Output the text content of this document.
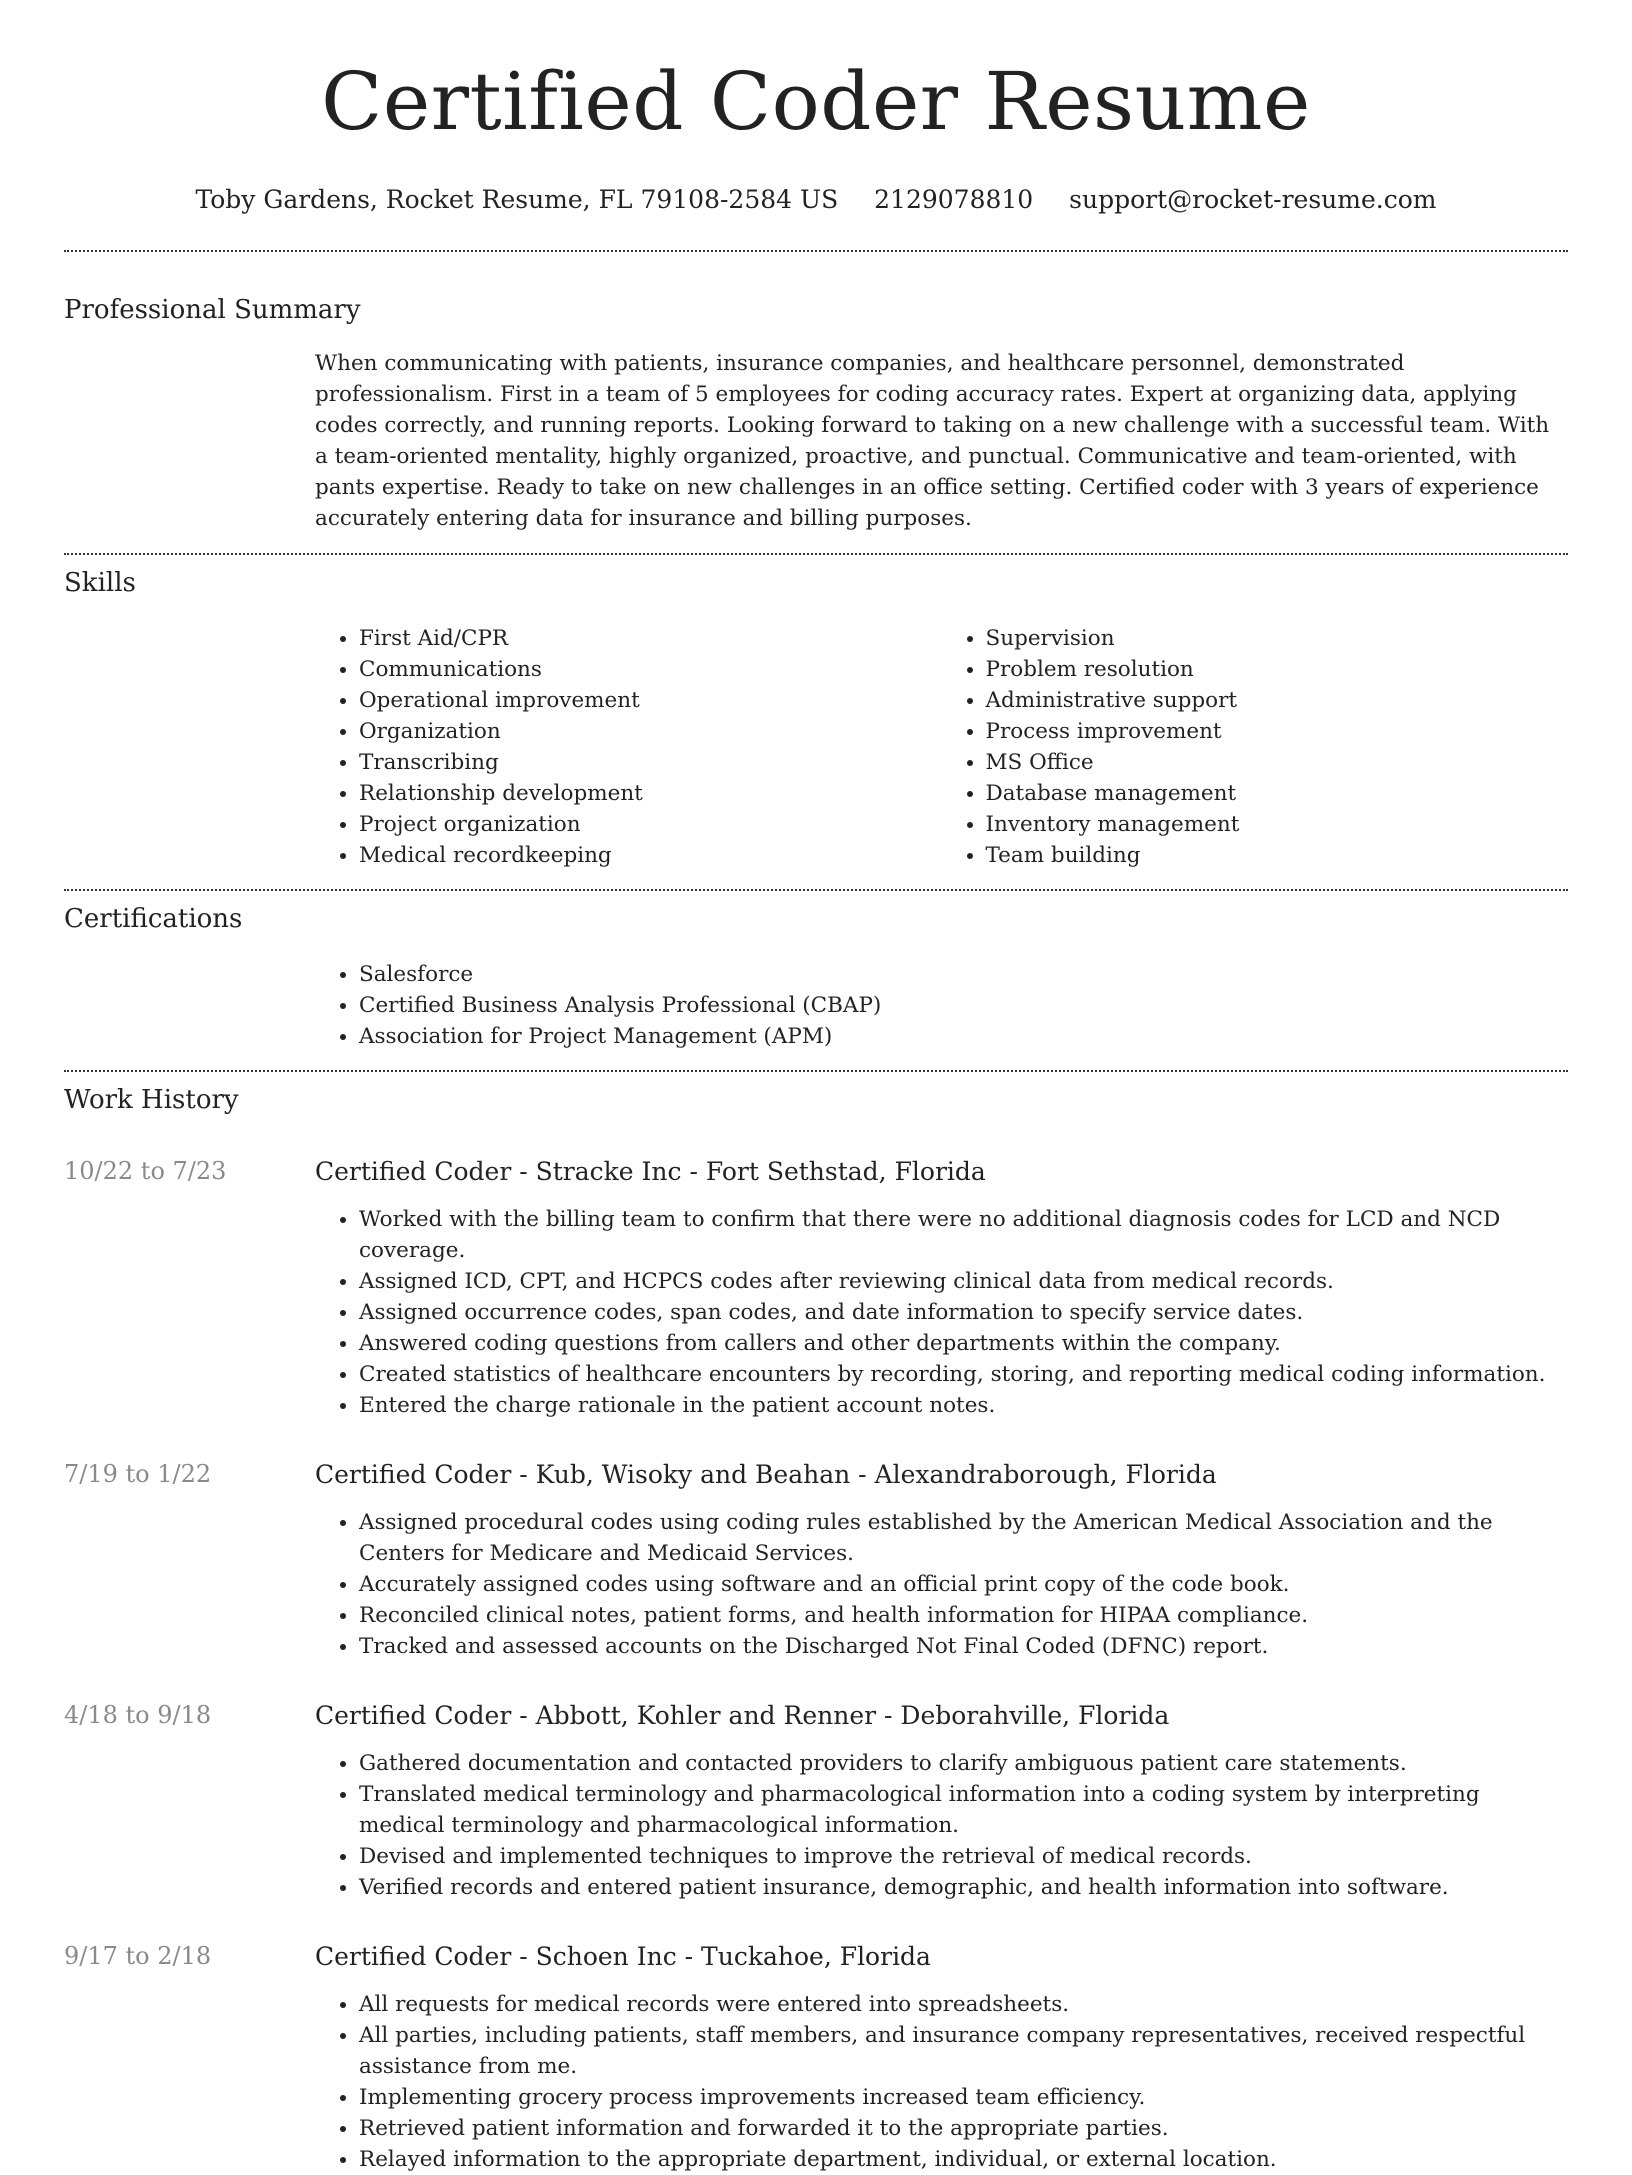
Certified Coder Resume
Toby Gardens, Rocket Resume, FL 79108-2584 US 2129078810 support@rocket-resume.com
Professional Summary
When communicating with patients, insurance companies, and healthcare personnel, demonstrated professionalism. First in a team of 5 employees for coding accuracy rates. Expert at organizing data, applying codes correctly, and running reports. Looking forward to taking on a new challenge with a successful team. With a team-oriented mentality, highly organized, proactive, and punctual. Communicative and team-oriented, with pants expertise. Ready to take on new challenges in an office setting. Certified coder with 3 years of experience accurately entering data for insurance and billing purposes.
Skills
• First Aid/CPR
• Communications
• Operational improvement
• Organization
• Transcribing
• Relationship development
• Project organization
• Medical recordkeeping
• Supervision
• Problem resolution
• Administrative support
• Process improvement
• MS Office
• Database management
• Inventory management
• Team building
Certifications
• Salesforce
• Certified Business Analysis Professional (CBAP)
• Association for Project Management (APM)
Work History
10/22 to 7/23	Certified Coder - Stracke Inc - Fort Sethstad, Florida
• Worked with the billing team to confirm that there were no additional diagnosis codes for LCD and NCD coverage.
• Assigned ICD, CPT, and HCPCS codes after reviewing clinical data from medical records.
• Assigned occurrence codes, span codes, and date information to specify service dates.
• Answered coding questions from callers and other departments within the company.
• Created statistics of healthcare encounters by recording, storing, and reporting medical coding information.
• Entered the charge rationale in the patient account notes.
7/19 to 1/22	Certified Coder - Kub, Wisoky and Beahan - Alexandraborough, Florida
• Assigned procedural codes using coding rules established by the American Medical Association and the Centers for Medicare and Medicaid Services.
• Accurately assigned codes using software and an official print copy of the code book.
• Reconciled clinical notes, patient forms, and health information for HIPAA compliance.
• Tracked and assessed accounts on the Discharged Not Final Coded (DFNC) report.
4/18 to 9/18	Certified Coder - Abbott, Kohler and Renner - Deborahville, Florida
• Gathered documentation and contacted providers to clarify ambiguous patient care statements.
• Translated medical terminology and pharmacological information into a coding system by interpreting medical terminology and pharmacological information.
• Devised and implemented techniques to improve the retrieval of medical records.
• Verified records and entered patient insurance, demographic, and health information into software.
9/17 to 2/18	Certified Coder - Schoen Inc - Tuckahoe, Florida
• All requests for medical records were entered into spreadsheets.
• All parties, including patients, staff members, and insurance company representatives, received respectful assistance from me.
• Implementing grocery process improvements increased team efficiency.
• Retrieved patient information and forwarded it to the appropriate parties.
• Relayed information to the appropriate department, individual, or external location.
